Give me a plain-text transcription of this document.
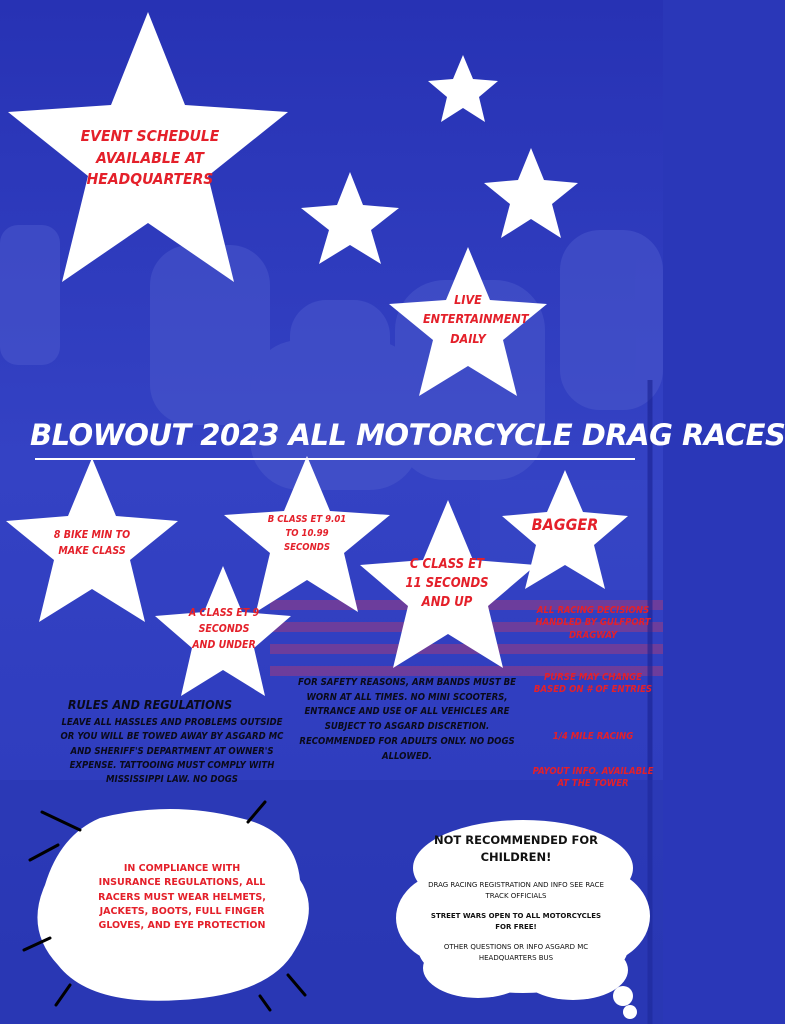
EVENT SCHEDULE AVAILABLE AT HEADQUARTERS
LIVE ENTERTAINMENT DAILY
8 BIKE MIN TO MAKE CLASS
B CLASS ET 9.01 TO 10.99 SECONDS
C CLASS ET 11 SECONDS AND UP
BAGGER
A CLASS ET 9 SECONDS AND UNDER
BLOWOUT 2023 ALL MOTORCYCLE DRAG RACES
ALL RACING DECISIONS HANDLED BY GULFPORT DRAGWAY
PURSE MAY CHANGE BASED ON # OF ENTRIES
1/4 MILE RACING
PAYOUT INFO. AVAILABLE AT THE TOWER
RULES AND REGULATIONS
LEAVE ALL HASSLES AND PROBLEMS OUTSIDE OR YOU WILL BE TOWED AWAY BY ASGARD MC AND SHERIFF'S DEPARTMENT AT OWNER'S EXPENSE. TATTOOING MUST COMPLY WITH MISSISSIPPI LAW. NO DOGS
FOR SAFETY REASONS, ARM BANDS MUST BE WORN AT ALL TIMES. NO MINI SCOOTERS, ENTRANCE AND USE OF ALL VEHICLES ARE SUBJECT TO ASGARD DISCRETION. RECOMMENDED FOR ADULTS ONLY. NO DOGS ALLOWED.
IN COMPLIANCE WITH INSURANCE REGULATIONS, ALL RACERS MUST WEAR HELMETS, JACKETS, BOOTS, FULL FINGER GLOVES, AND EYE PROTECTION
NOT RECOMMENDED FOR CHILDREN!
DRAG RACING REGISTRATION AND INFO SEE RACE TRACK OFFICIALS
STREET WARS OPEN TO ALL MOTORCYCLES FOR FREE!
OTHER QUESTIONS OR INFO ASGARD MC HEADQUARTERS BUS
